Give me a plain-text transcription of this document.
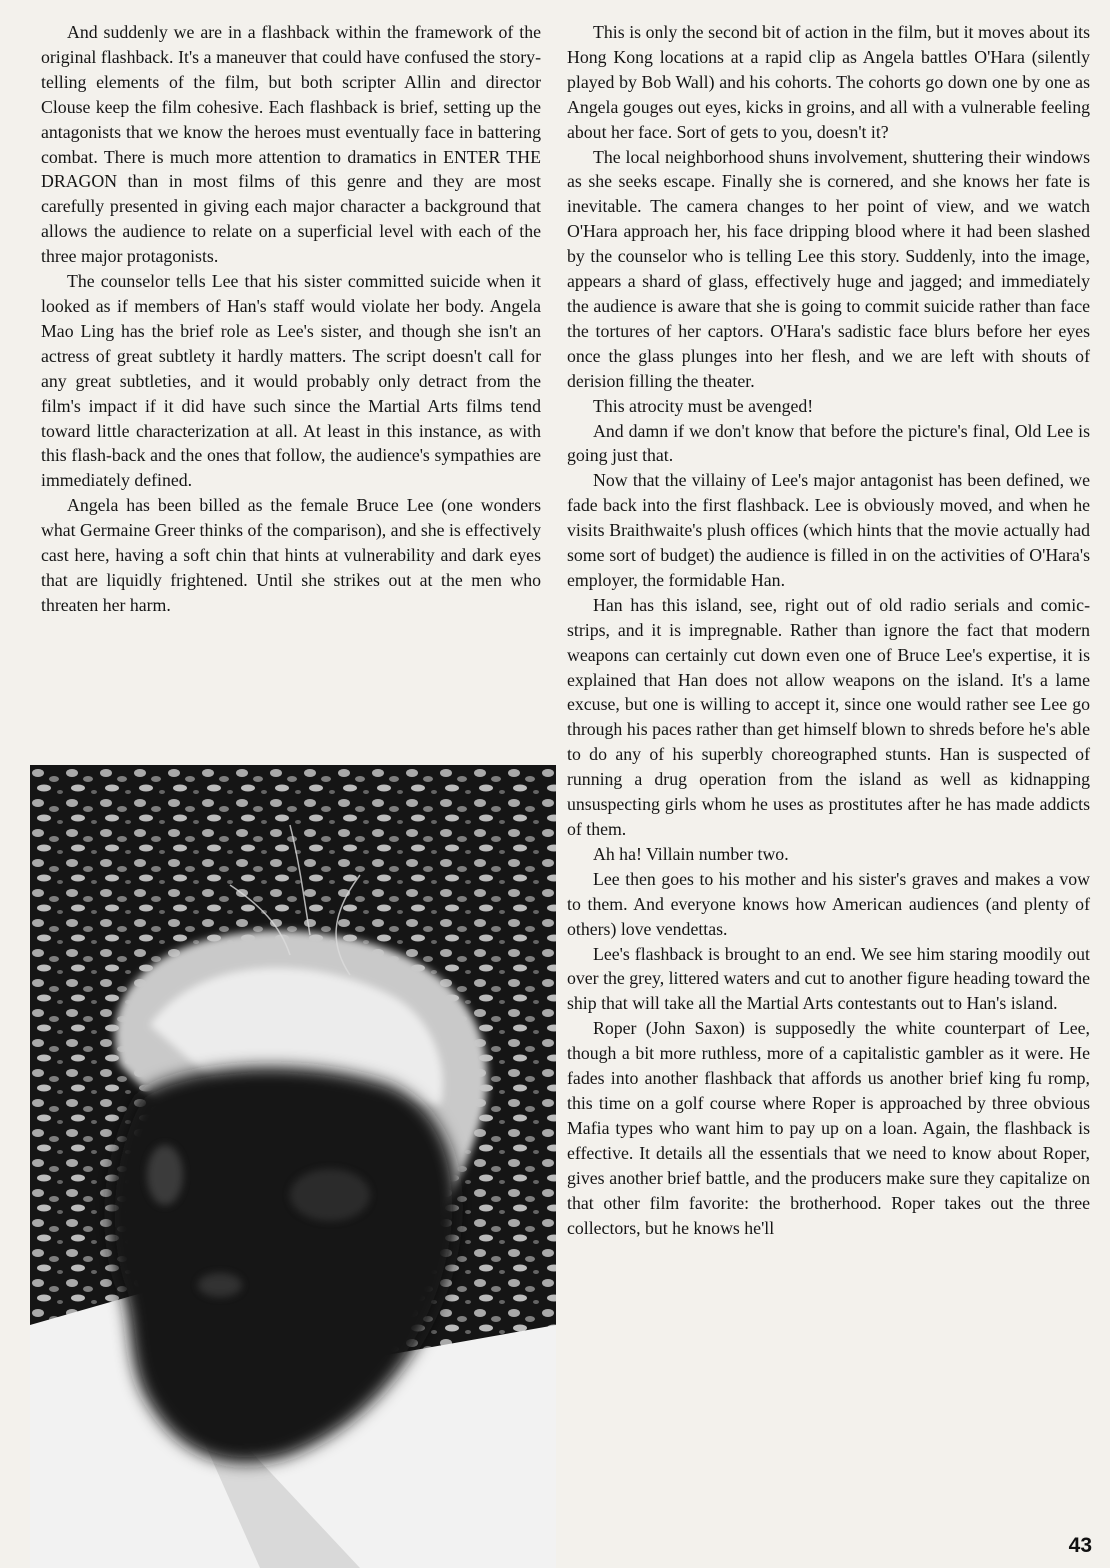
And suddenly we are in a flashback within the framework of the original flashback. It's a maneuver that could have confused the story-telling elements of the film, but both scripter Allin and director Clouse keep the film cohesive. Each flashback is brief, setting up the antagonists that we know the heroes must eventually face in battering combat. There is much more attention to dramatics in ENTER THE DRAGON than in most films of this genre and they are most carefully presented in giving each major character a background that allows the audience to relate on a superficial level with each of the three major protagonists.

The counselor tells Lee that his sister committed suicide when it looked as if members of Han's staff would violate her body. Angela Mao Ling has the brief role as Lee's sister, and though she isn't an actress of great subtlety it hardly matters. The script doesn't call for any great subtleties, and it would probably only detract from the film's impact if it did have such since the Martial Arts films tend toward little characterization at all. At least in this instance, as with this flash-back and the ones that follow, the audience's sympathies are immediately defined.

Angela has been billed as the female Bruce Lee (one wonders what Germaine Greer thinks of the comparison), and she is effectively cast here, having a soft chin that hints at vulnerability and dark eyes that are liquidly frightened. Until she strikes out at the men who threaten her harm.

This is only the second bit of action in the film, but it moves about its Hong Kong locations at a rapid clip as Angela battles O'Hara (silently played by Bob Wall) and his cohorts. The cohorts go down one by one as Angela gouges out eyes, kicks in groins, and all with a vulnerable feeling about her face. Sort of gets to you, doesn't it?

The local neighborhood shuns involvement, shuttering their windows as she seeks escape. Finally she is cornered, and she knows her fate is inevitable. The camera changes to her point of view, and we watch O'Hara approach her, his face dripping blood where it had been slashed by the counselor who is telling Lee this story. Suddenly, into the image, appears a shard of glass, effectively huge and jagged; and immediately the audience is aware that she is going to commit suicide rather than face the tortures of her captors. O'Hara's sadistic face blurs before her eyes once the glass plunges into her flesh, and we are left with shouts of derision filling the theater.

This atrocity must be avenged!

And damn if we don't know that before the picture's final, Old Lee is going just that.

Now that the villainy of Lee's major antagonist has been defined, we fade back into the first flashback. Lee is obviously moved, and when he visits Braithwaite's plush offices (which hints that the movie actually had some sort of budget) the audience is filled in on the activities of O'Hara's employer, the formidable Han.

Han has this island, see, right out of old radio serials and comic-strips, and it is impregnable. Rather than ignore the fact that modern weapons can certainly cut down even one of Bruce Lee's expertise, it is explained that Han does not allow weapons on the island. It's a lame excuse, but one is willing to accept it, since one would rather see Lee go through his paces rather than get himself blown to shreds before he's able to do any of his superbly choreographed stunts. Han is suspected of running a drug operation from the island as well as kidnapping unsuspecting girls whom he uses as prostitutes after he has made addicts of them.

Ah ha! Villain number two.

Lee then goes to his mother and his sister's graves and makes a vow to them. And everyone knows how American audiences (and plenty of others) love vendettas.

Lee's flashback is brought to an end. We see him staring moodily out over the grey, littered waters and cut to another figure heading toward the ship that will take all the Martial Arts contestants out to Han's island.

Roper (John Saxon) is supposedly the white counterpart of Lee, though a bit more ruthless, more of a capitalistic gambler as it were. He fades into another flashback that affords us another brief king fu romp, this time on a golf course where Roper is approached by three obvious Mafia types who want him to pay up on a loan. Again, the flashback is effective. It details all the essentials that we need to know about Roper, gives another brief battle, and the producers make sure they capitalize on that other film favorite: the brotherhood. Roper takes out the three collectors, but he knows he'll

43
